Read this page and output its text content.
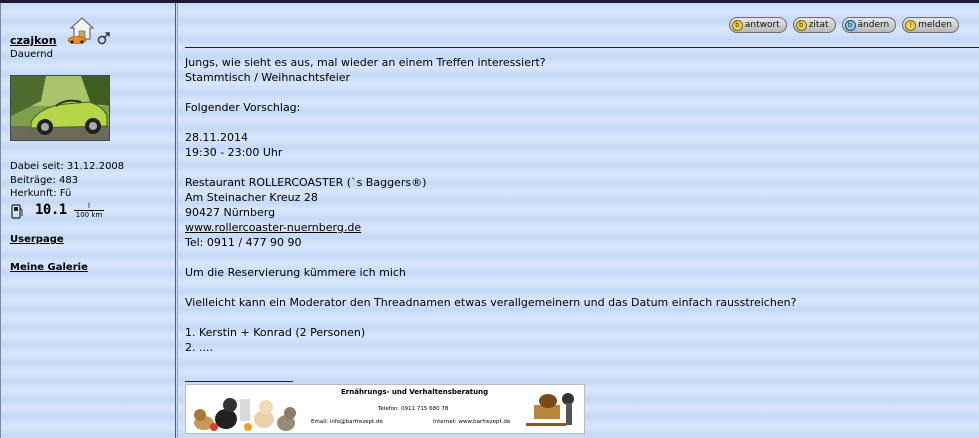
czajkon
Dauernd
Dabei seit: 31.12.2008
Beiträge: 483
Herkunft: Fü
$10.1 \frac{l}{100 km}$
Userpage
Meine Galerie
b antwort	b zitat	b ändern	! melden

Jungs, wie sieht es aus, mal wieder an einem Treffen interessiert?

Stammtisch / Weihnachtsfeier

Folgender Vorschlag:

28.11.2014

19:30 - 23:00 Uhr

Restaurant ROLLERCOASTER (`s Baggers®)

Am Steinacher Kreuz 28

90427 Nürnberg

www.rollercoaster-nuernberg.de

Tel: 0911 / 477 90 90

Um die Reservierung kümmere ich mich

Vielleicht kann ein Moderator den Threadnamen etwas verallgemeinern und das Datum einfach rausstreichen?

1. Kerstin + Konrad (2 Personen)

2. ....

Ernährungs- und Verhaltensberatung
Telefon: 0911 715 680 78
Email: info@barfrezept.de	Internet: www.barfrezept.de
